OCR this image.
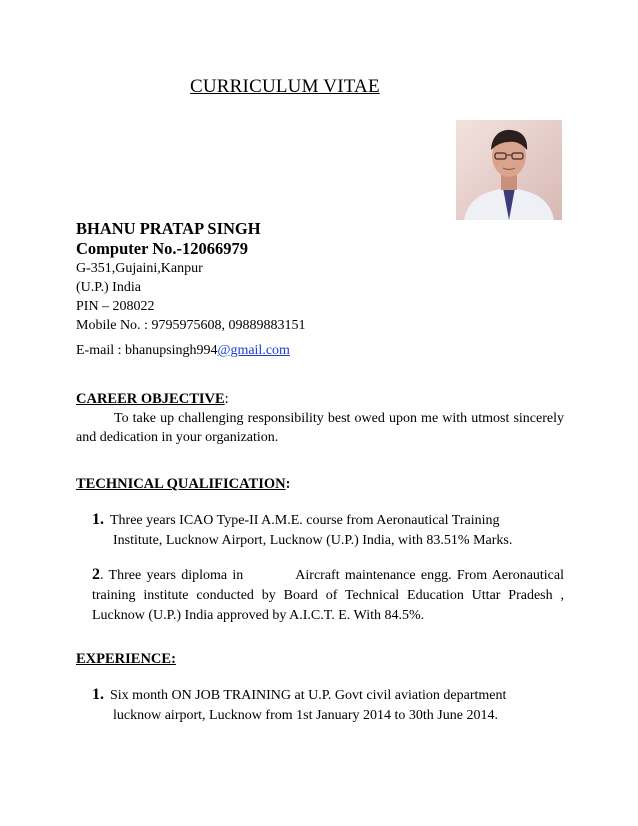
CURRICULUM VITAE
BHANU PRATAP SINGH
Computer No.-12066979
G-351,Gujaini,Kanpur
(U.P.) India
PIN – 208022
Mobile No. : 9795975608, 09889883151
E-mail : bhanupsingh994@gmail.com
CAREER OBJECTIVE:
To take up challenging responsibility best owed upon me with utmost sincerely and dedication in your organization.
TECHNICAL QUALIFICATION:
1. Three years ICAO Type-II A.M.E. course from Aeronautical Training
Institute, Lucknow Airport, Lucknow (U.P.) India, with 83.51% Marks.
2. Three years diploma in          Aircraft maintenance engg. From Aeronautical training institute conducted by Board of Technical Education Uttar Pradesh , Lucknow (U.P.) India approved by A.I.C.T. E. With 84.5%.
EXPERIENCE:
1. Six month ON JOB TRAINING at U.P. Govt civil aviation department
lucknow airport, Lucknow from 1st January 2014 to 30th June 2014.
